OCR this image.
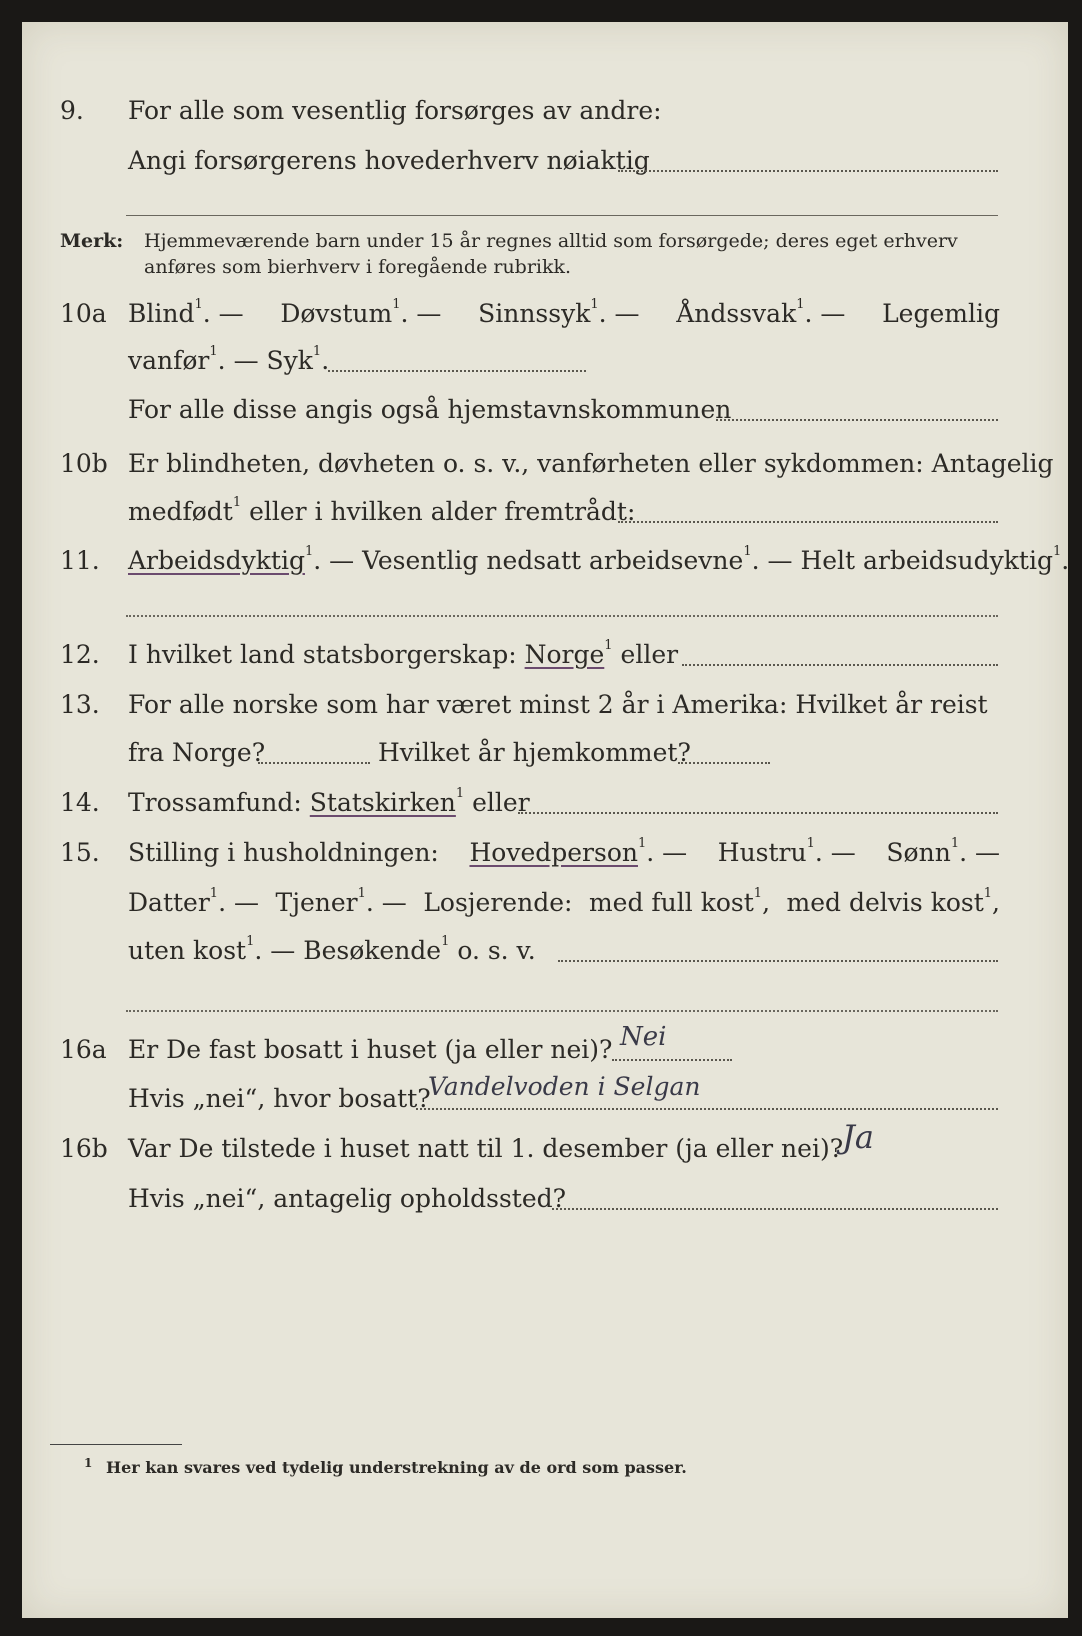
9. For alle som vesentlig forsørges av andre:
Angi forsørgerens hovederhverv nøiaktig
Merk: Hjemmeværende barn under 15 år regnes alltid som forsørgede; deres eget erhverv
anføres som bierhverv i foregående rubrikk.
10a Blind$^1$. — Døvstum$^1$. — Sinnssyk$^1$. — Åndssvak$^1$. — Legemlig
vanfør$^1$. — Syk$^1$.
For alle disse angis også hjemstavnskommunen
10b Er blindheten, døvheten o. s. v., vanførheten eller sykdommen: Antagelig
medfødt$^1$ eller i hvilken alder fremtrådt:
11. Arbeidsdyktig$^1$. — Vesentlig nedsatt arbeidsevne$^1$. — Helt arbeidsudyktig$^1$.
12. I hvilket land statsborgerskap: Norge$^1$ eller
13. For alle norske som har været minst 2 år i Amerika: Hvilket år reist
fra Norge?	Hvilket år hjemkommet?
14. Trossamfund: Statskirken$^1$ eller
15. Stilling i husholdningen: Hovedperson$^1$. — Hustru$^1$. — Sønn$^1$. —
Datter$^1$. — Tjener$^1$. — Losjerende: med full kost$^1$, med delvis kost$^1$,
uten kost$^1$. — Besøkende$^1$ o. s. v.
16a Er De fast bosatt i huset (ja eller nei)? Nei
Hvis „nei“, hvor bosatt?
Vandelvoden i Selgan
16b Var De tilstede i huset natt til 1. desember (ja eller nei)?
Ja
Hvis „nei“, antagelig opholdssted?
1 Her kan svares ved tydelig understrekning av de ord som passer.
